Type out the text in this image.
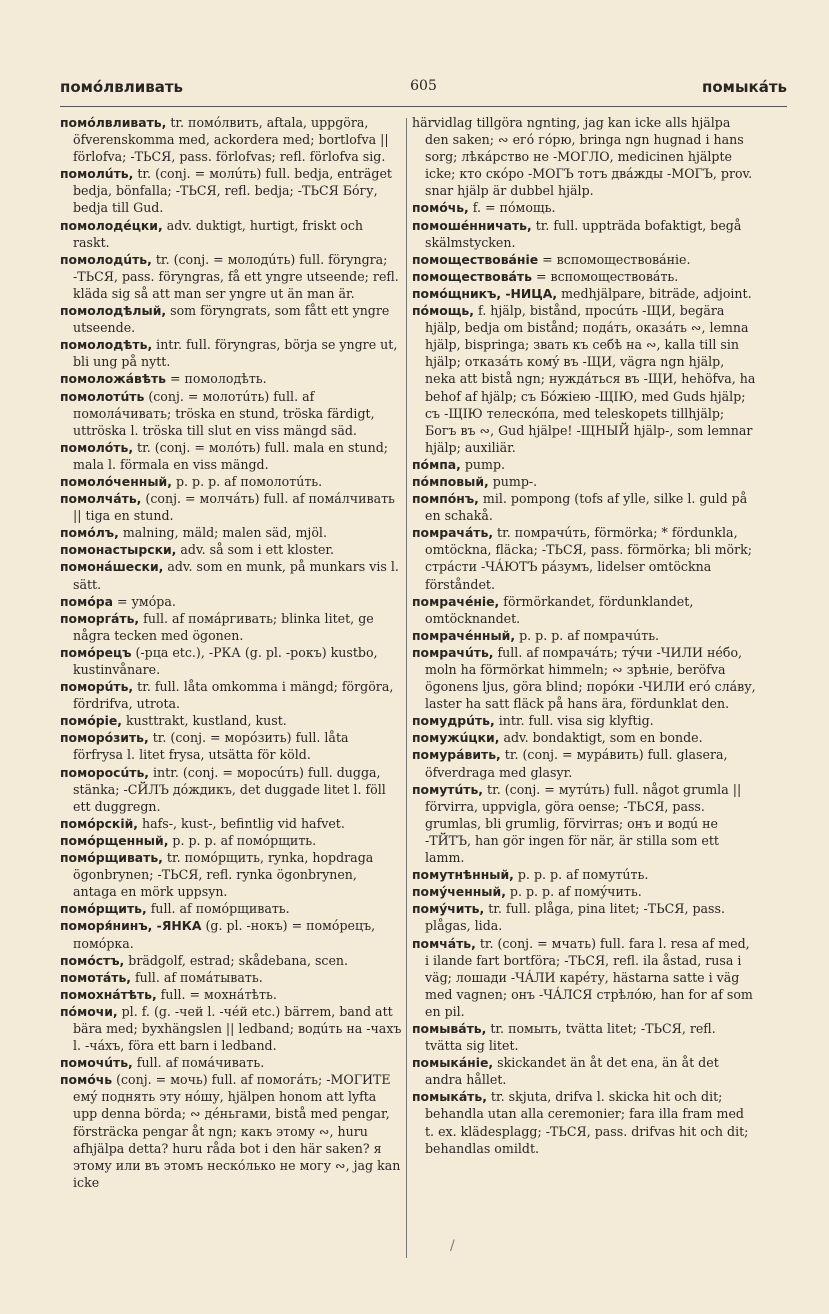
помóлвливать	605	помыкáть

помóлвливать, tr. помóлвить, aftala, uppgöra, öfverenskomma med, ackordera med; bortlofva || förlofva; -ТЬСЯ, pass. förlofvas; refl. förlofva sig.

помолúть, tr. (conj. = молúть) full. bedja, enträget bedja, bönfalla; -ТЬСЯ, refl. bedja; -ТЬСЯ Бóгу, bedja till Gud.

помолодéцки, adv. duktigt, hurtigt, friskt och raskt.

помолодúть, tr. (conj. = молодúть) full. föryngra; -ТЬСЯ, pass. föryngras, få ett yngre utseende; refl. kläda sig så att man ser yngre ut än man är.

помолодѣлый, som föryngrats, som fått ett yngre utseende.

помолодѣть, intr. full. föryngras, börja se yngre ut, bli ung på nytt.

помоложáвѣть = помолодѣть.

помолотúть (conj. = молотúть) full. af помолáчивать; tröska en stund, tröska färdigt, uttröska l. tröska till slut en viss mängd säd.

помолóть, tr. (conj. = молóть) full. mala en stund; mala l. förmala en viss mängd.

помолóченный, p. p. p. af помолотúть.

помолчáть, (conj. = молчáть) full. af помáлчивать || tiga en stund.

помóлъ, malning, mäld; malen säd, mjöl.

помонастырски, adv. så som i ett kloster.

помонáшески, adv. som en munk, på munkars vis l. sätt.

помóра = умóра.

поморгáть, full. af помáргивать; blinka litet, ge några tecken med ögonen.

помóрецъ (-рца etc.), -РКА (g. pl. -рокъ) kustbo, kustinvånare.

поморúть, tr. full. låta omkomma i mängd; förgöra, fördrifva, utrota.

помóріе, kusttrakt, kustland, kust.

поморóзить, tr. (conj. = морóзить) full. låta förfrysa l. litet frysa, utsätta för köld.

поморосúть, intr. (conj. = моросúть) full. dugga, stänka; -СЙЛЪ дóждикъ, det duggade litet l. föll ett duggregn.

помóрскій, hafs-, kust-, befintlig vid hafvet.

помóрщенный, p. p. p. af помóрщить.

помóрщивать, tr. помóрщить, rynka, hopdraga ögonbrynen; -ТЬСЯ, refl. rynka ögonbrynen, antaga en mörk uppsyn.

помóрщить, full. af помóрщивать.

поморя́нинъ, -ЯНКА (g. pl. -нокъ) = помóрецъ, помóрка.

помóстъ, brädgolf, estrad; skådebana, scen.

помотáть, full. af помáтывать.

помохнáтѣть, full. = мохнáтѣть.

пóмочи, pl. f. (g. -чей l. -чéй etc.) bärrem, band att bära med; byxhängslen || ledband; водúть на -чахъ l. -чáхъ, föra ett barn i ledband.

помочúть, full. af помáчивать.

помóчь (conj. = мочь) full. af помогáть; -МОГИТЕ емý поднять эту нóшу, hjälpen honom att lyfta upp denna börda; ∾ дéньгами, bistå med pengar, försträcka pengar åt ngn; какъ этому ∾, huru afhjälpa detta? huru råda bot i den här saken? я этому или въ этомъ нескóлько не могу ∾, jag kan icke

härvidlag tillgöra ngnting, jag kan icke alls hjälpa den saken; ∾ егó гóрю, bringa ngn hugnad i hans sorg; лѣкáрство не -МОГЛО, medicinen hjälpte icke; кто скóро -МОГЪ тотъ двáжды -МОГЪ, prov. snar hjälp är dubbel hjälp.

помóчь, f. = пóмощь.

помошéнничать, tr. full. uppträda bofaktigt, begå skälmstycken.

помоществовáніе = вспомоществовáніе.

помоществовáть = вспомоществовáть.

помóщникъ, -НИЦА, medhjälpare, biträde, adjoint.

пóмощь, f. hjälp, bistånd, просúть -ЩИ, begära hjälp, bedja om bistånd; подáть, оказáть ∾, lemna hjälp, bispringa; звать къ себѣ на ∾, kalla till sin hjälp; отказáть комý въ -ЩИ, vägra ngn hjälp, neka att bistå ngn; нуждáться въ -ЩИ, hehöfva, ha behof af hjälp; съ Бóжіею -ЩІЮ, med Guds hjälp; съ -ЩІЮ телескóпа, med teleskopets tillhjälp; Богъ въ ∾, Gud hjälpe! -ЩНЫЙ hjälp-, som lemnar hjälp; auxiliär.

пóмпа, pump.

пóмповый, pump-.

помпóнъ, mil. pompong (tofs af ylle, silke l. guld på en schakå.

помрачáть, tr. помрачúть, förmörka; * fördunkla, omtöckna, fläcka; -ТЬСЯ, pass. förmörka; bli mörk; стрáсти -ЧÁЮТЪ рáзумъ, lidelser omtöckna förståndet.

помрачéніе, förmörkandet, fördunklandet, omtöcknandet.

помрачéнный, p. p. p. af помрачúть.

помрачúть, full. af помрачáть; тýчи -ЧИЛИ нéбо, moln ha förmörkat himmeln; ∾ зрѣніе, beröfva ögonens ljus, göra blind; порóки -ЧИЛИ егó слáву, laster ha satt fläck på hans ära, fördunklat den.

помудрúть, intr. full. visa sig klyftig.

помужúцки, adv. bondaktigt, som en bonde.

помурáвить, tr. (conj. = мурáвить) full. glasera, öfverdraga med glasyr.

помутúть, tr. (conj. = мутúть) full. något grumla || förvirra, uppvigla, göra oense; -ТЬСЯ, pass. grumlas, bli grumlig, förvirras; онъ и водú не -ТЙТЪ, han gör ingen för när, är stilla som ett lamm.

помутнѣнный, p. p. p. af помутúть.

помýченный, p. p. p. af помýчить.

помýчить, tr. full. plåga, pina litet; -ТЬСЯ, pass. plågas, lida.

помчáть, tr. (conj. = мчать) full. fara l. resa af med, i ilande fart bortföra; -ТЬСЯ, refl. ila åstad, rusa i väg; лошади -ЧÁЛИ карéту, hästarna satte i väg med vagnen; онъ -ЧÁЛСЯ стрѣлóю, han for af som en pil.

помывáть, tr. помыть, tvätta litet; -ТЬСЯ, refl. tvätta sig litet.

помыкáніе, skickandet än åt det ena, än åt det andra hållet.

помыкáть, tr. skjuta, drifva l. skicka hit och dit; behandla utan alla ceremonier; fara illa fram med t. ex. klädesplagg; -ТЬСЯ, pass. drifvas hit och dit; behandlas omildt.

/
